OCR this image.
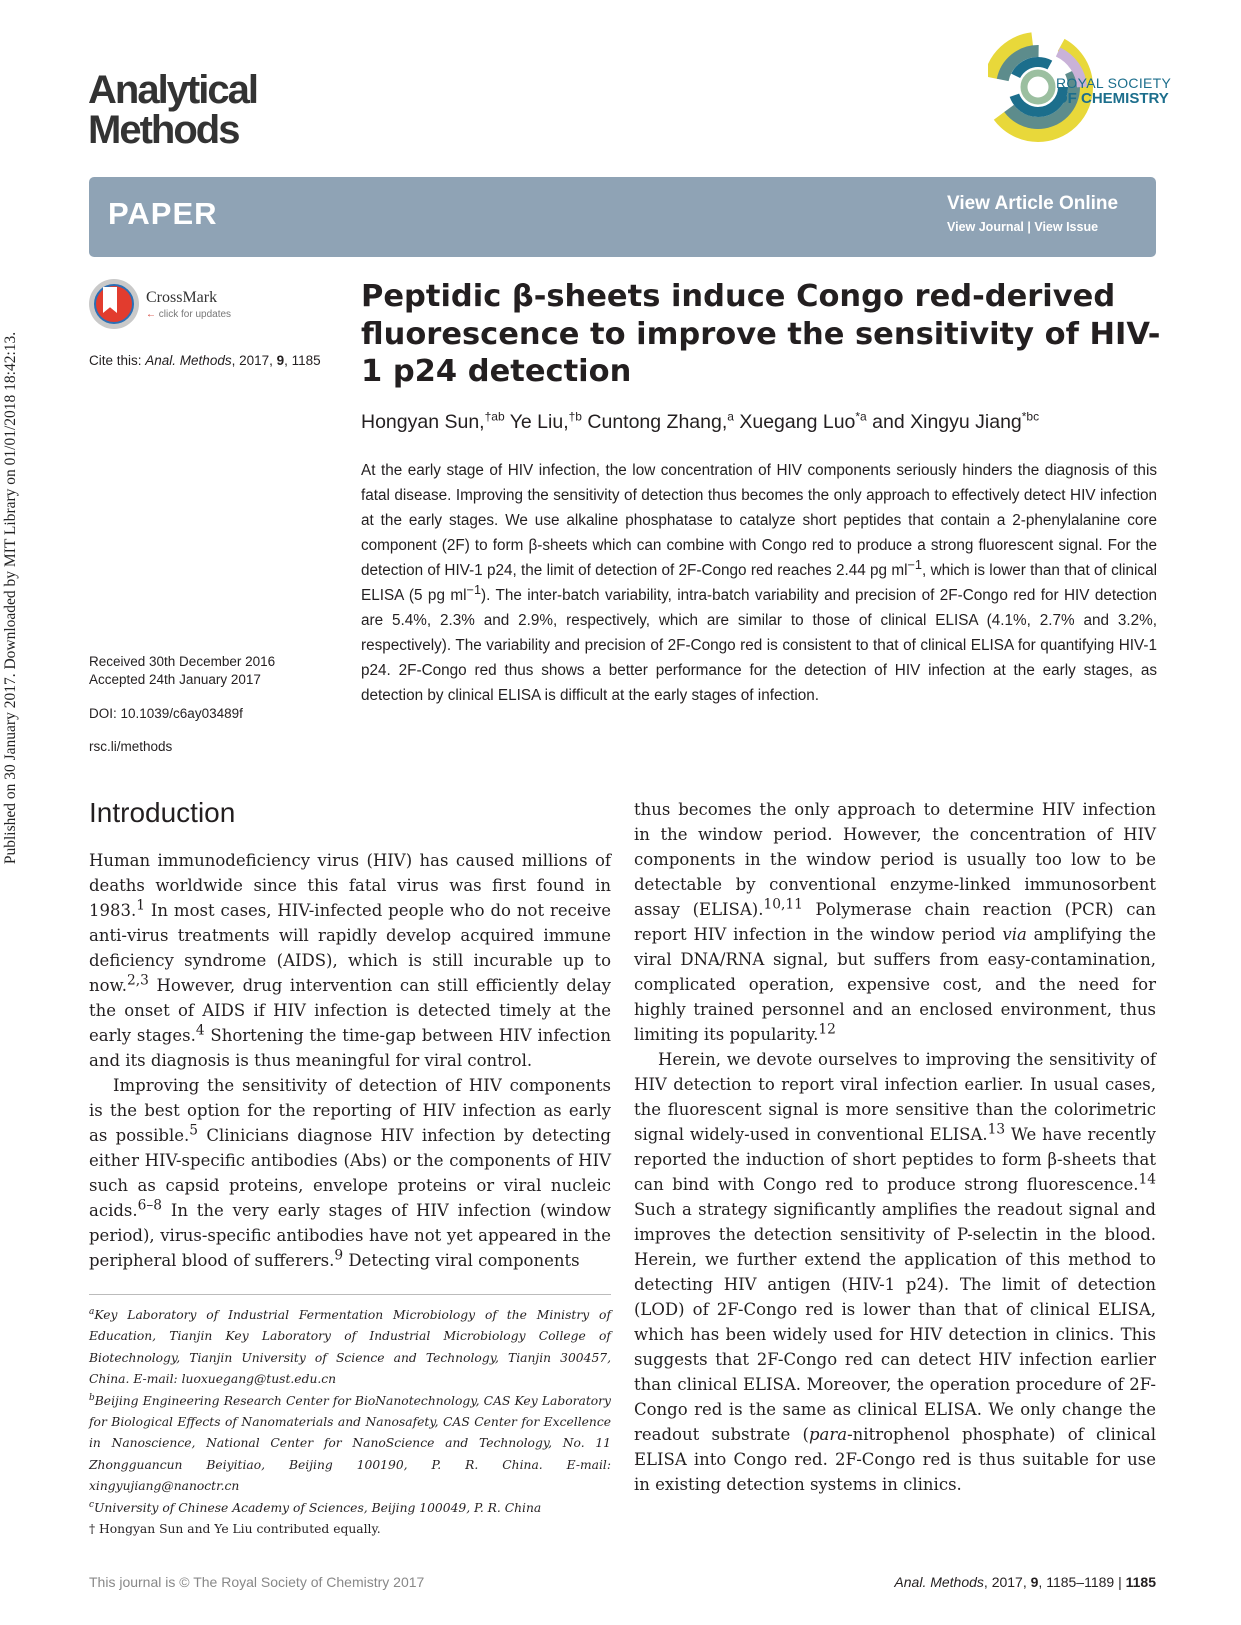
Published on 30 January 2017. Downloaded by MIT Library on 01/01/2018 18:42:13.
Analytical
Methods
ROYAL SOCIETY
OF CHEMISTRY
PAPER	View Article Online
View Journal | View Issue
CrossMark
← click for updates
Cite this: Anal. Methods, 2017, 9, 1185
Received 30th December 2016
Accepted 24th January 2017
DOI: 10.1039/c6ay03489f
rsc.li/methods
Peptidic β-sheets induce Congo red-derived fluorescence to improve the sensitivity of HIV-1 p24 detection
Hongyan Sun,$^{\dagger ab}$ Ye Liu,$^{\dagger b}$ Cuntong Zhang,$^a$ Xuegang Luo$^{*a}$ and Xingyu Jiang$^{*bc}$
At the early stage of HIV infection, the low concentration of HIV components seriously hinders the diagnosis of this fatal disease. Improving the sensitivity of detection thus becomes the only approach to effectively detect HIV infection at the early stages. We use alkaline phosphatase to catalyze short peptides that contain a 2-phenylalanine core component (2F) to form β-sheets which can combine with Congo red to produce a strong fluorescent signal. For the detection of HIV-1 p24, the limit of detection of 2F-Congo red reaches 2.44 pg $ml^{-1}$, which is lower than that of clinical ELISA (5 pg $ml^{-1}$). The inter-batch variability, intra-batch variability and precision of 2F-Congo red for HIV detection are 5.4%, 2.3% and 2.9%, respectively, which are similar to those of clinical ELISA (4.1%, 2.7% and 3.2%, respectively). The variability and precision of 2F-Congo red is consistent to that of clinical ELISA for quantifying HIV-1 p24. 2F-Congo red thus shows a better performance for the detection of HIV infection at the early stages, as detection by clinical ELISA is difficult at the early stages of infection.
Introduction

Human immunodeficiency virus (HIV) has caused millions of deaths worldwide since this fatal virus was first found in 1983.$^1$ In most cases, HIV-infected people who do not receive anti-virus treatments will rapidly develop acquired immune deficiency syndrome (AIDS), which is still incurable up to now.$^{2,3}$ However, drug intervention can still efficiently delay the onset of AIDS if HIV infection is detected timely at the early stages.$^4$ Shortening the time-gap between HIV infection and its diagnosis is thus meaningful for viral control.

Improving the sensitivity of detection of HIV components is the best option for the reporting of HIV infection as early as possible.$^5$ Clinicians diagnose HIV infection by detecting either HIV-specific antibodies (Abs) or the components of HIV such as capsid proteins, envelope proteins or viral nucleic acids.$^{6-8}$ In the very early stages of HIV infection (window period), virus-specific antibodies have not yet appeared in the peripheral blood of sufferers.$^9$ Detecting viral components

thus becomes the only approach to determine HIV infection in the window period. However, the concentration of HIV components in the window period is usually too low to be detectable by conventional enzyme-linked immunosorbent assay (ELISA).$^{10,11}$ Polymerase chain reaction (PCR) can report HIV infection in the window period via amplifying the viral DNA/RNA signal, but suffers from easy-contamination, complicated operation, expensive cost, and the need for highly trained personnel and an enclosed environment, thus limiting its popularity.$^{12}$

Herein, we devote ourselves to improving the sensitivity of HIV detection to report viral infection earlier. In usual cases, the fluorescent signal is more sensitive than the colorimetric signal widely-used in conventional ELISA.$^{13}$ We have recently reported the induction of short peptides to form β-sheets that can bind with Congo red to produce strong fluorescence.$^{14}$ Such a strategy significantly amplifies the readout signal and improves the detection sensitivity of P-selectin in the blood. Herein, we further extend the application of this method to detecting HIV antigen (HIV-1 p24). The limit of detection (LOD) of 2F-Congo red is lower than that of clinical ELISA, which has been widely used for HIV detection in clinics. This suggests that 2F-Congo red can detect HIV infection earlier than clinical ELISA. Moreover, the operation procedure of 2F-Congo red is the same as clinical ELISA. We only change the readout substrate (para-nitrophenol phosphate) of clinical ELISA into Congo red. 2F-Congo red is thus suitable for use in existing detection systems in clinics.

$^a$Key Laboratory of Industrial Fermentation Microbiology of the Ministry of Education, Tianjin Key Laboratory of Industrial Microbiology College of Biotechnology, Tianjin University of Science and Technology, Tianjin 300457, China. E-mail: luoxuegang@tust.edu.cn

$^b$Beijing Engineering Research Center for BioNanotechnology, CAS Key Laboratory for Biological Effects of Nanomaterials and Nanosafety, CAS Center for Excellence in Nanoscience, National Center for NanoScience and Technology, No. 11 Zhongguancun Beiyitiao, Beijing 100190, P. R. China. E-mail: xingyujiang@nanoctr.cn

$^c$University of Chinese Academy of Sciences, Beijing 100049, P. R. China

† Hongyan Sun and Ye Liu contributed equally.

This journal is © The Royal Society of Chemistry 2017	Anal. Methods, 2017, 9, 1185–1189 | 1185
